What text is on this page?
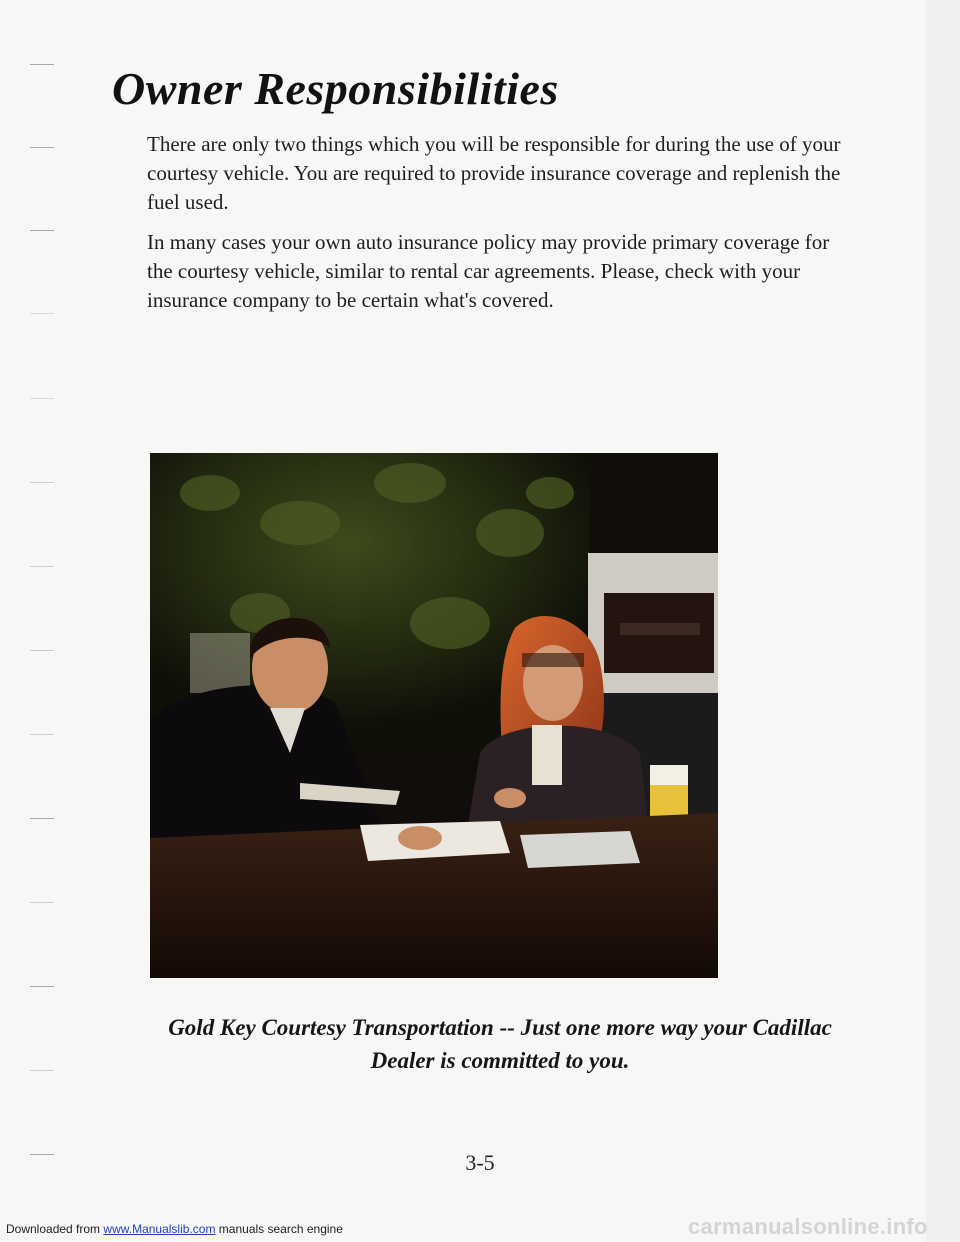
Owner Responsibilities

There are only two things which you will be responsible for during the use of your courtesy vehicle. You are required to provide insurance coverage and replenish the fuel used.

In many cases your own auto insurance policy may provide primary coverage for the courtesy vehicle, similar to rental car agreements. Please, check with your insurance company to be certain what's covered.

Gold Key Courtesy Transportation -- Just one more way your Cadillac
Dealer is committed to you.

3-5
Downloaded from www.Manualslib.com manuals search engine	carmanualsonline.info
